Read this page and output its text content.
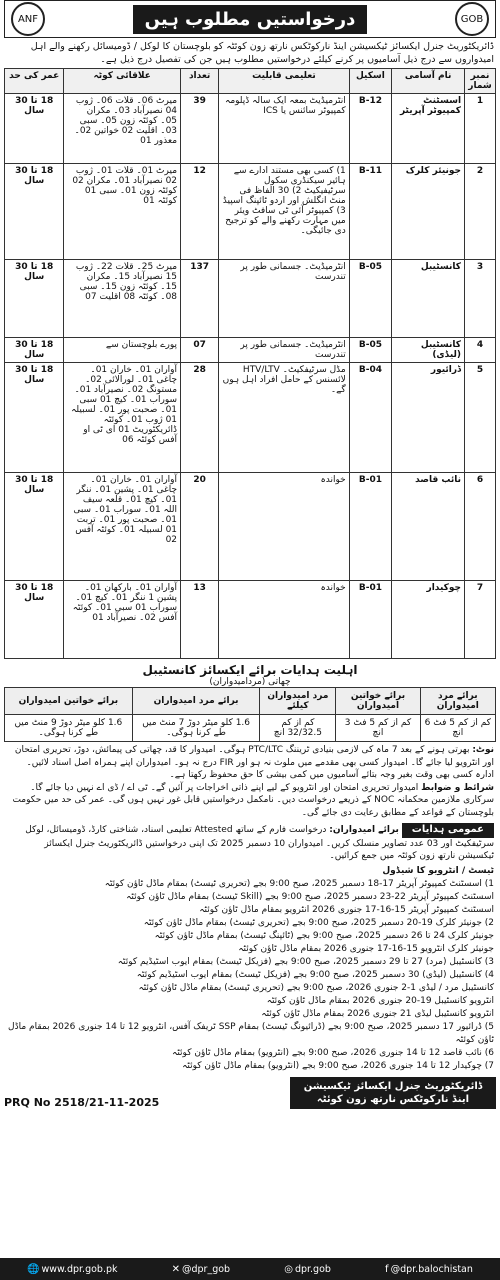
ANF	درخواستیں مطلوب ہیں	GOB
ڈائریکٹوریٹ جنرل ایکسائز ٹیکسیشن اینڈ نارکوٹکس نارتھ زون کوئٹہ کو بلوچستان کا لوکل / ڈومیسائل رکھنے والے اہل امیدواروں سے درج ذیل آسامیوں پر کرنے کیلئے درخواستیں مطلوب ہیں جن کی تفصیل درج ذیل ہے۔
نمبر شمار	نام آسامی	اسکیل	تعلیمی قابلیت	تعداد	علاقائی کوٹہ	عمر کی حد
1	اسسٹنٹ کمپیوٹر آپریٹر	B-12	انٹرمیڈیٹ بمعہ ایک سالہ ڈپلومہ کمپیوٹر سائنس یا ICS	39	میرٹ 06۔ قلات 06۔ ژوب 04 نصیرآباد 03۔ مکران 05۔ کوئٹہ زون 05۔ سبی 03۔ اقلیت 02 خواتین 02۔ معذور 01	18 تا 30 سال
2	جونیئر کلرک	B-11	1) کسی بھی مستند ادارے سے ہائیر سیکنڈری سکول سرٹیفیکیٹ 2) 30 الفاظ فی منٹ انگلش اور اردو ٹائپنگ اسپیڈ 3) کمپیوٹر آئی ٹی سافٹ ویئر میں مہارت رکھنے والے کو ترجیح دی جائیگی۔	12	میرٹ 01۔ قلات 01۔ ژوب 02 نصیرآباد 01۔ مکران 02 کوئٹہ زون 01۔ سبی 01 کوئٹہ 01	18 تا 30 سال
3	کانسٹیبل	B-05	انٹرمیڈیٹ۔ جسمانی طور پر تندرست	137	میرٹ 25۔ قلات 22۔ ژوب 15 نصیرآباد 15۔ مکران 15۔ کوئٹہ زون 15۔ سبی 08۔ کوئٹہ 08 اقلیت 07	18 تا 30 سال
4	کانسٹیبل (لیڈی)	B-05	انٹرمیڈیٹ۔ جسمانی طور پر تندرست	07	پورے بلوچستان سے	18 تا 30 سال
5	ڈرائیور	B-04	مڈل سرٹیفکیٹ۔ HTV/LTV لائسنس کے حامل افراد اہل ہوں گے۔	28	آواران 01۔ خاران 01۔ چاغی 01۔ لورالائی 02۔ مستونگ 02۔ نصیرآباد 01۔ سوراب 01۔ کیچ 01 سبی 01۔ صحبت پور 01۔ لسبیلہ 01 ژوب 01۔ کوئٹہ ڈائریکٹوریٹ 01 ای ٹی او آفس کوئٹہ 06	18 تا 30 سال
6	نائب قاصد	B-01	خواندہ	20	آواران 01۔ خاران 01۔ چاغی 01۔ پشین 01۔ ننگر 01۔ کیچ 01۔ قلعہ سیف اللہ 01۔ سوراب 01۔ سبی 01۔ صحبت پور 01۔ تربت 01 لسبیلہ 01۔ کوئٹہ آفس 02	18 تا 30 سال
7	چوکیدار	B-01	خواندہ	13	آواران 01۔ بارکھان 01۔ پشین 1 ننگر 01۔ کیچ 01۔ سوراب 01 سبی 01۔ کوئٹہ آفس 02۔ نصیرآباد 01	18 تا 30 سال
اہلیت ہدایات برائے ایکسائز کانسٹیبل
چھاتی (مردامیدواران)
برائے مرد امیدواران	برائے خواتین امیدواران	مرد امیدواران کیلئے	برائے مرد امیدواران	برائے خواتین امیدواران
کم از کم 5 فٹ 6 انچ	کم از کم 5 فٹ 3 انچ	کم از کم 32/32.5 انچ	1.6 کلو میٹر دوڑ 7 منٹ میں طے کرنا ہوگی۔	1.6 کلو میٹر دوڑ 9 منٹ میں طے کرنا ہوگی۔
نوٹ: بھرتی ہونے کے بعد 7 ماہ کی لازمی بنیادی ٹریننگ PTC/LTC ہوگی۔ امیدوار کا قد، چھاتی کی پیمائش، دوڑ، تحریری امتحان اور انٹرویو لیا جائے گا۔ امیدوار کسی بھی مقدمے میں ملوث نہ ہو اور FIR درج نہ ہو۔ امیدواران اپنے ہمراہ اصل اسناد لائیں۔ ادارہ کسی بھی وقت بغیر وجہ بتائے آسامیوں میں کمی بیشی کا حق محفوظ رکھتا ہے۔
شرائط و ضوابط امیدوار تحریری امتحان اور انٹرویو کے لیے اپنے ذاتی اخراجات پر آئیں گے۔ ٹی اے / ڈی اے نہیں دیا جائے گا۔ سرکاری ملازمین محکمانہ NOC کے ذریعے درخواست دیں۔ نامکمل درخواستیں قابل غور نہیں ہوں گی۔ عمر کی حد میں حکومت بلوچستان کے قواعد کے مطابق رعایت دی جائے گی۔
عمومی ہدایات برائے امیدواران: درخواست فارم کے ساتھ Attested تعلیمی اسناد، شناختی کارڈ، ڈومیسائل، لوکل سرٹیفکیٹ اور 03 عدد تصاویر منسلک کریں۔ امیدواران 10 دسمبر 2025 تک اپنی درخواستیں ڈائریکٹوریٹ جنرل ایکسائز ٹیکسیشن نارتھ زون کوئٹہ میں جمع کرائیں۔
ٹیسٹ / انٹرویو کا شیڈول
1) اسسٹنٹ کمپیوٹر آپریٹر 17-18 دسمبر 2025، صبح 9:00 بجے (تحریری ٹیسٹ) بمقام ماڈل ٹاؤن کوئٹہ
اسسٹنٹ کمپیوٹر آپریٹر 22-23 دسمبر 2025، صبح 9:00 بجے (Skill ٹیسٹ) بمقام ماڈل ٹاؤن کوئٹہ
اسسٹنٹ کمپیوٹر آپریٹر 15-16-17 جنوری 2026 انٹرویو بمقام ماڈل ٹاؤن کوئٹہ
2) جونیئر کلرک 19-20 دسمبر 2025، صبح 9:00 بجے (تحریری ٹیسٹ) بمقام ماڈل ٹاؤن کوئٹہ
جونیئر کلرک 24 تا 26 دسمبر 2025، صبح 9:00 بجے (ٹائپنگ ٹیسٹ) بمقام ماڈل ٹاؤن کوئٹہ
جونیئر کلرک انٹرویو 15-16-17 جنوری 2026 بمقام ماڈل ٹاؤن کوئٹہ
3) کانسٹیبل (مرد) 27 تا 29 دسمبر 2025، صبح 9:00 بجے (فزیکل ٹیسٹ) بمقام ایوب اسٹیڈیم کوئٹہ
4) کانسٹیبل (لیڈی) 30 دسمبر 2025، صبح 9:00 بجے (فزیکل ٹیسٹ) بمقام ایوب اسٹیڈیم کوئٹہ
کانسٹیبل مرد / لیڈی 1-2 جنوری 2026، صبح 9:00 بجے (تحریری ٹیسٹ) بمقام ماڈل ٹاؤن کوئٹہ
انٹرویو کانسٹیبل 19-20 جنوری 2026 بمقام ماڈل ٹاؤن کوئٹہ
انٹرویو کانسٹیبل لیڈی 21 جنوری 2026 بمقام ماڈل ٹاؤن کوئٹہ
5) ڈرائیور 17 دسمبر 2025، صبح 9:00 بجے (ڈرائیونگ ٹیسٹ) بمقام SSP ٹریفک آفس، انٹرویو 12 تا 14 جنوری 2026 بمقام ماڈل ٹاؤن کوئٹہ
6) نائب قاصد 12 تا 14 جنوری 2026، صبح 9:00 بجے (انٹرویو) بمقام ماڈل ٹاؤن کوئٹہ
7) چوکیدار 12 تا 14 جنوری 2026، صبح 9:00 بجے (انٹرویو) بمقام ماڈل ٹاؤن کوئٹہ
PRQ No 2518/21-11-2025
ڈائریکٹوریٹ جنرل ایکسائز ٹیکسیشن
اینڈ نارکوٹکس نارتھ زون کوئٹہ
🌐 www.dpr.gob.pk	✕ @dpr_gob	◎ dpr.gob	f @dpr.balochistan
